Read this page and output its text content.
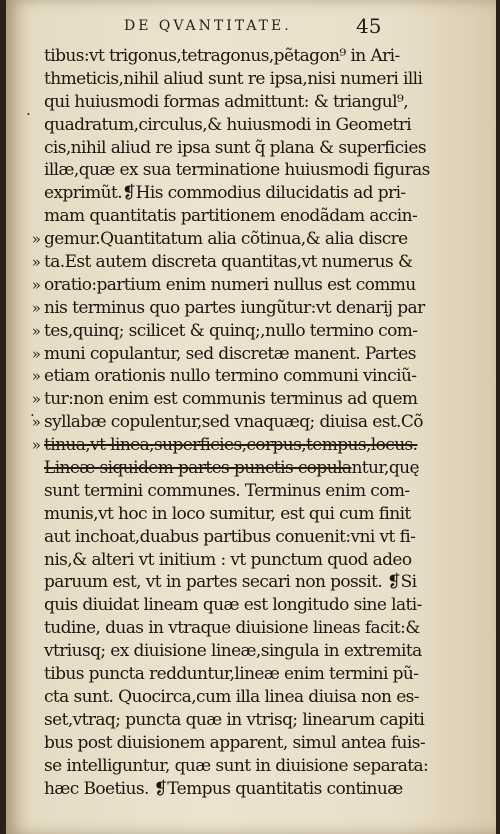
DE QVANTITATE.	45
.
.
tibus:vt trigonus,tetragonus,pẽtagon⁹ in Ari-
thmeticis,nihil aliud sunt re ipsa,nisi numeri illi
qui huiusmodi formas admittunt: & triangul⁹,
quadratum,circulus,& huiusmodi in Geometri
cis,nihil aliud re ipsa sunt q̃ plana & superficies
illæ,quæ ex sua terminatione huiusmodi figuras
exprimũt.❡His commodius dilucidatis ad pri-
mam quantitatis partitionem enodãdam accin-
» gemur.Quantitatum alia cõtinua,& alia discre
» ta.Est autem discreta quantitas,vt numerus &
» oratio:partium enim numeri nullus est commu
» nis terminus quo partes iungũtur:vt denarij par
» tes,quinq; scilicet & quinq;,nullo termino com-
» muni copulantur, sed discretæ manent. Partes
» etiam orationis nullo termino communi vinciũ-
» tur:non enim est communis terminus ad quem
» syllabæ copulentur,sed vnaquæq; diuisa est.Cõ
» tinua,vt linea,superficies,corpus,tempus,locus.
Lineæ siquidem partes punctis copulantur,quę
sunt termini communes. Terminus enim com-
munis,vt hoc in loco sumitur, est qui cum finit
aut inchoat,duabus partibus conuenit:vni vt fi-
nis,& alteri vt initium : vt punctum quod adeo
paruum est, vt in partes secari non possit. ❡Si
quis diuidat lineam quæ est longitudo sine lati-
tudine, duas in vtraque diuisione lineas facit:&
vtriusq; ex diuisione lineæ,singula in extremita
tibus puncta redduntur,lineæ enim termini pũ-
cta sunt. Quocirca,cum illa linea diuisa non es-
set,vtraq; puncta quæ in vtrisq; linearum capiti
bus post diuisionem apparent, simul antea fuis-
se intelliguntur, quæ sunt in diuisione separata:
hæc Boetius. ❡Tempus quantitatis continuæ
